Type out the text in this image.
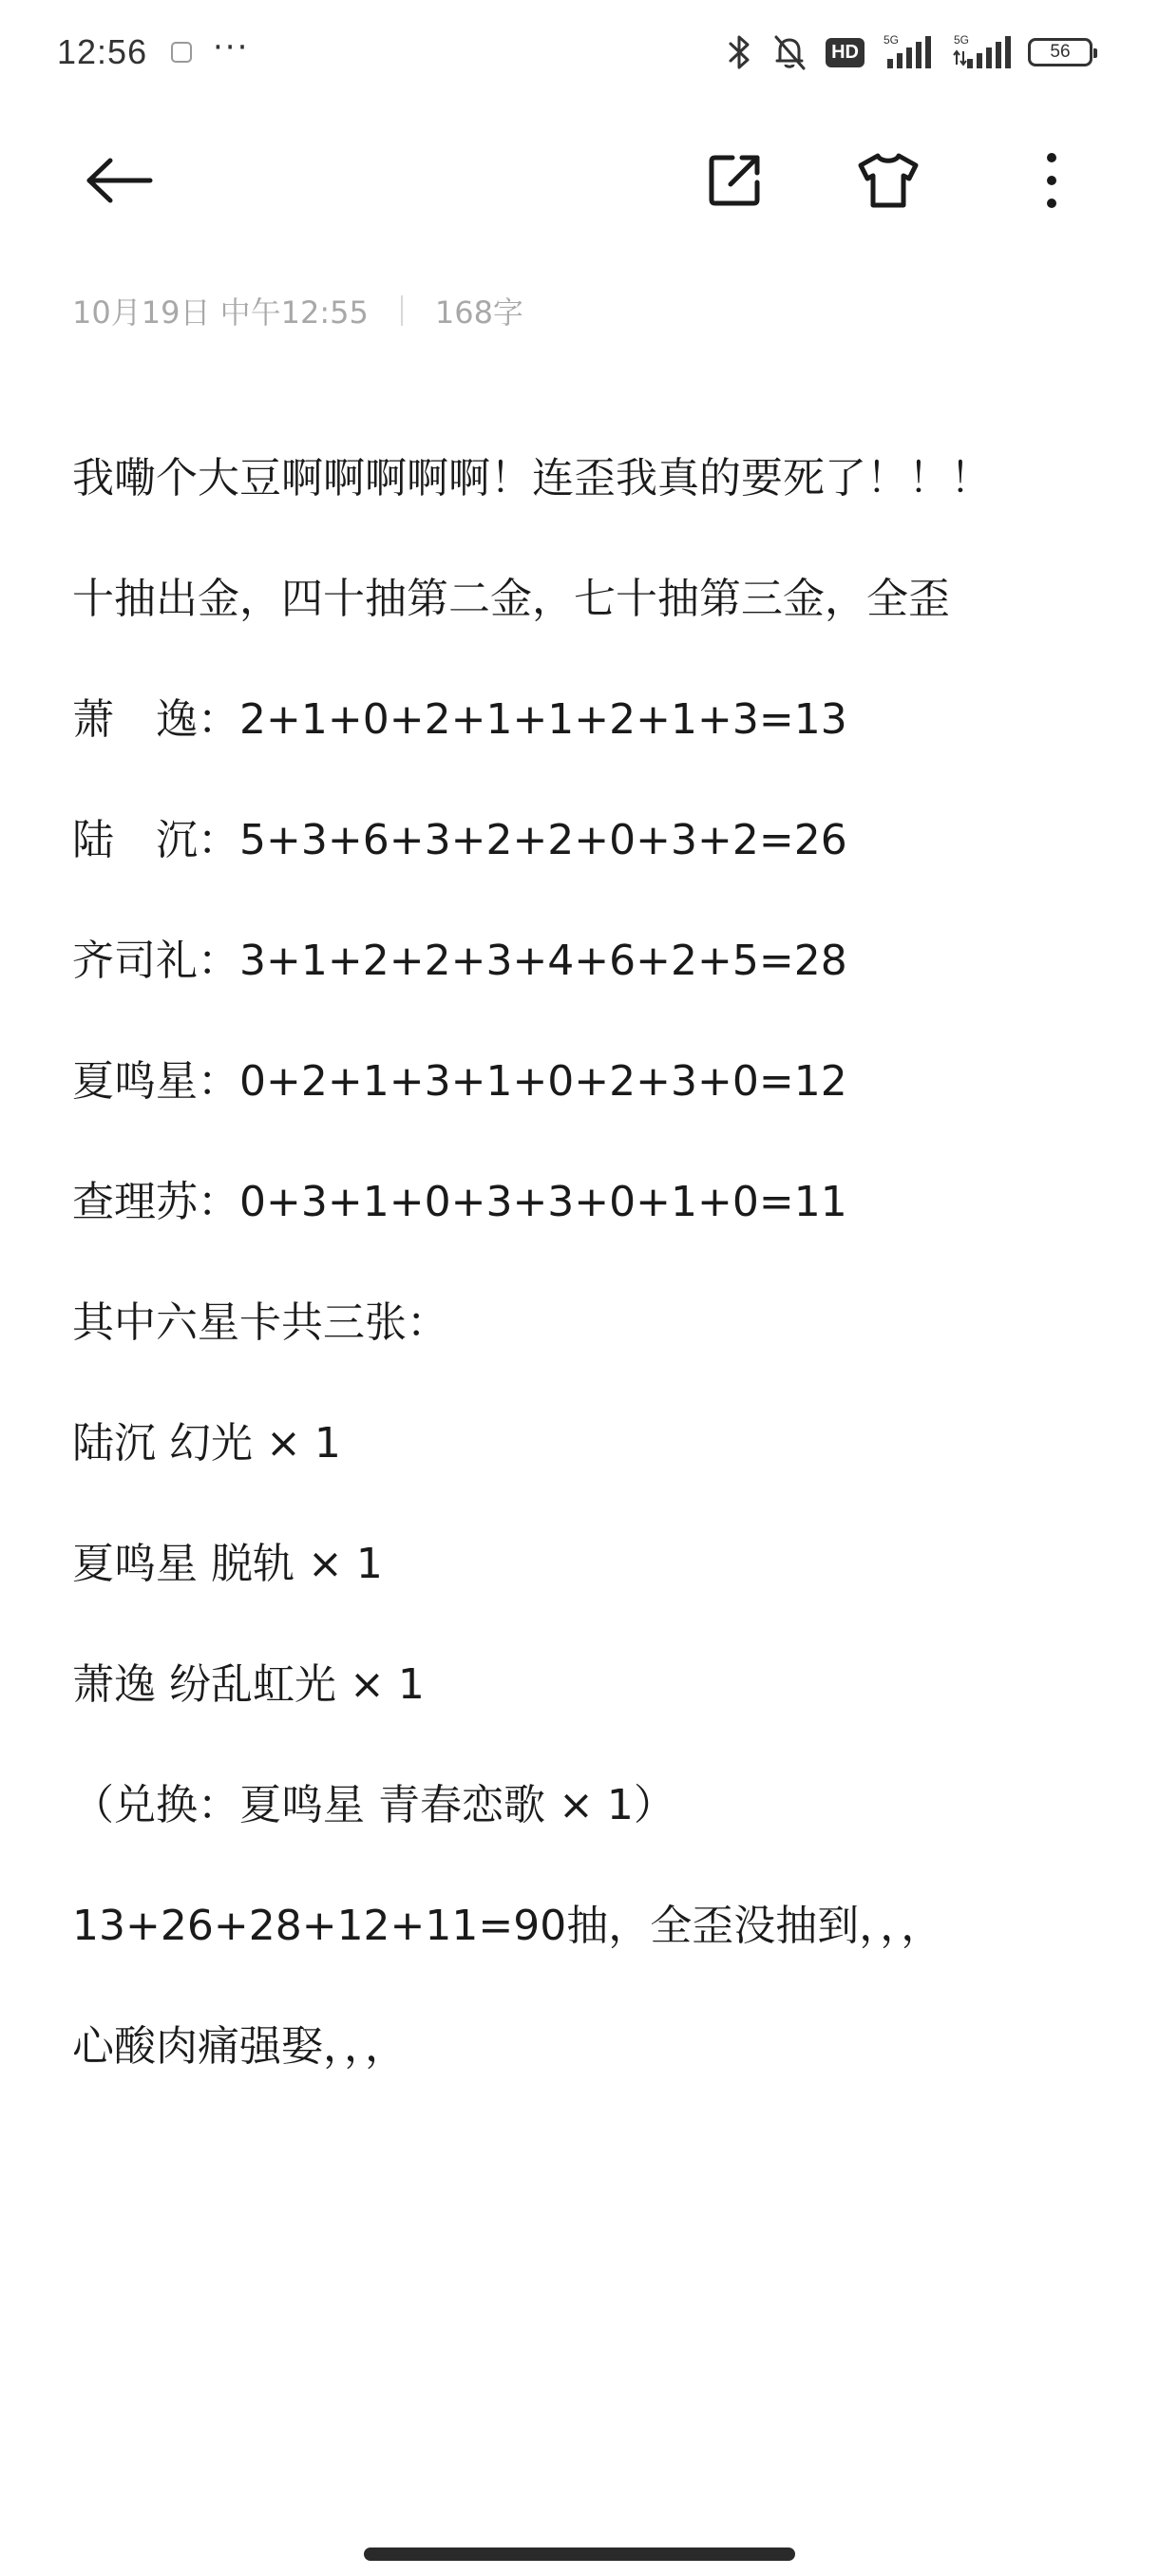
12:56 ···	HD
5G	5G
56
10月19日 中午12:55 168字
我嘞个大豆啊啊啊啊啊！连歪我真的要死了！！！
十抽出金，四十抽第二金，七十抽第三金，全歪
萧　逸：2+1+0+2+1+1+2+1+3=13
陆　沉：5+3+6+3+2+2+0+3+2=26
齐司礼：3+1+2+2+3+4+6+2+5=28
夏鸣星：0+2+1+3+1+0+2+3+0=12
查理苏：0+3+1+0+3+3+0+1+0=11
其中六星卡共三张：
陆沉 幻光 × 1
夏鸣星 脱轨 × 1
萧逸 纷乱虹光 × 1
（兑换：夏鸣星 青春恋歌 × 1）
13+26+28+12+11=90抽，全歪没抽到，，，
心酸肉痛强娶，，，
